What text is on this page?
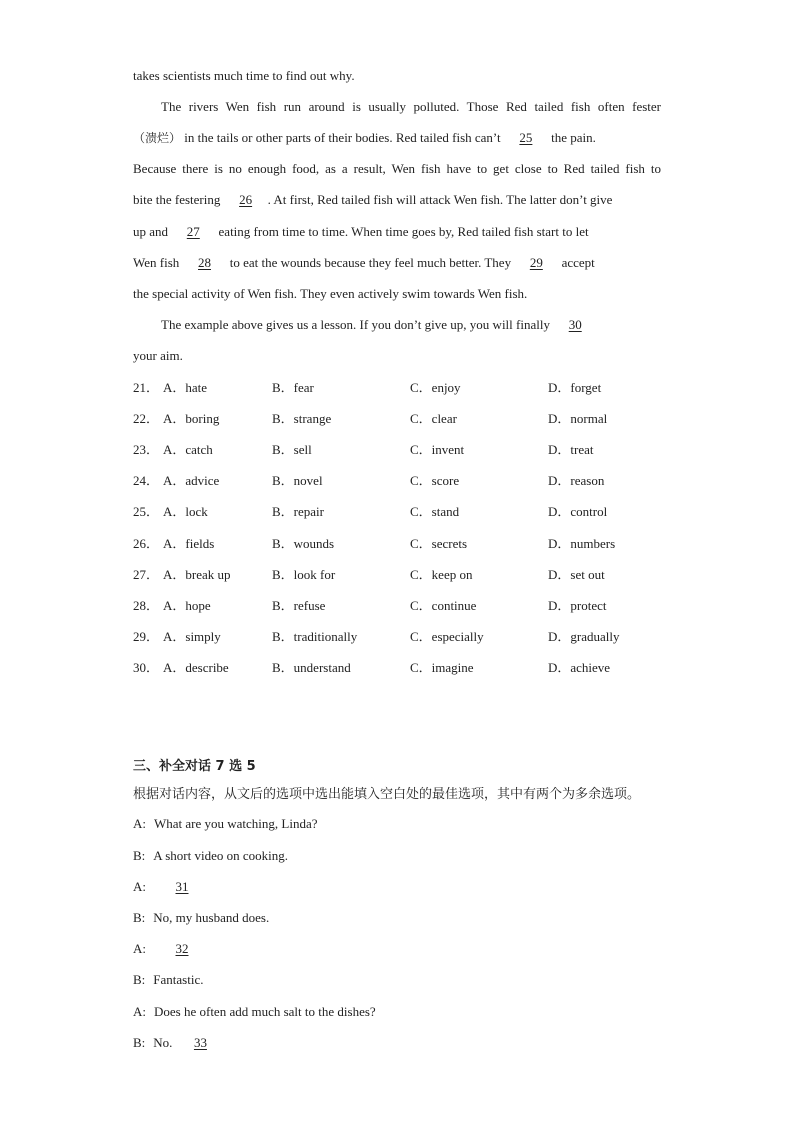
takes scientists much time to find out why.
The rivers Wen fish run around is usually polluted. Those Red tailed fish often fester
（溃烂） in the tails or other parts of their bodies. Red tailed fish can’t 25 the pain.
Because there is no enough food, as a result, Wen fish have to get close to Red tailed fish to
bite the festering 26 . At first, Red tailed fish will attack Wen fish. The latter don’t give
up and 27 eating from time to time. When time goes by, Red tailed fish start to let
Wen fish 28 to eat the wounds because they feel much better. They 29 accept
the special activity of Wen fish. They even actively swim towards Wen fish.
The example above gives us a lesson. If you don’t give up, you will finally 30
your aim.
21． A．hate	B．fear	C．enjoy	D．forget
22． A．boring	B．strange	C．clear	D．normal
23． A．catch	B．sell	C．invent	D．treat
24． A．advice	B．novel	C．score	D．reason
25． A．lock	B．repair	C．stand	D．control
26． A．fields	B．wounds	C．secrets	D．numbers
27． A．break up	B．look for	C．keep on	D．set out
28． A．hope	B．refuse	C．continue	D．protect
29． A．simply	B．traditionally	C．especially	D．gradually
30． A．describe	B．understand	C．imagine	D．achieve
三、补全对话 7 选 5
根据对话内容，从文后的选项中选出能填入空白处的最佳选项，其中有两个为多余选项。
A: What are you watching, Linda?
B: A short video on cooking.
A: 31
B: No, my husband does.
A: 32
B: Fantastic.
A: Does he often add much salt to the dishes?
B: No. 33
